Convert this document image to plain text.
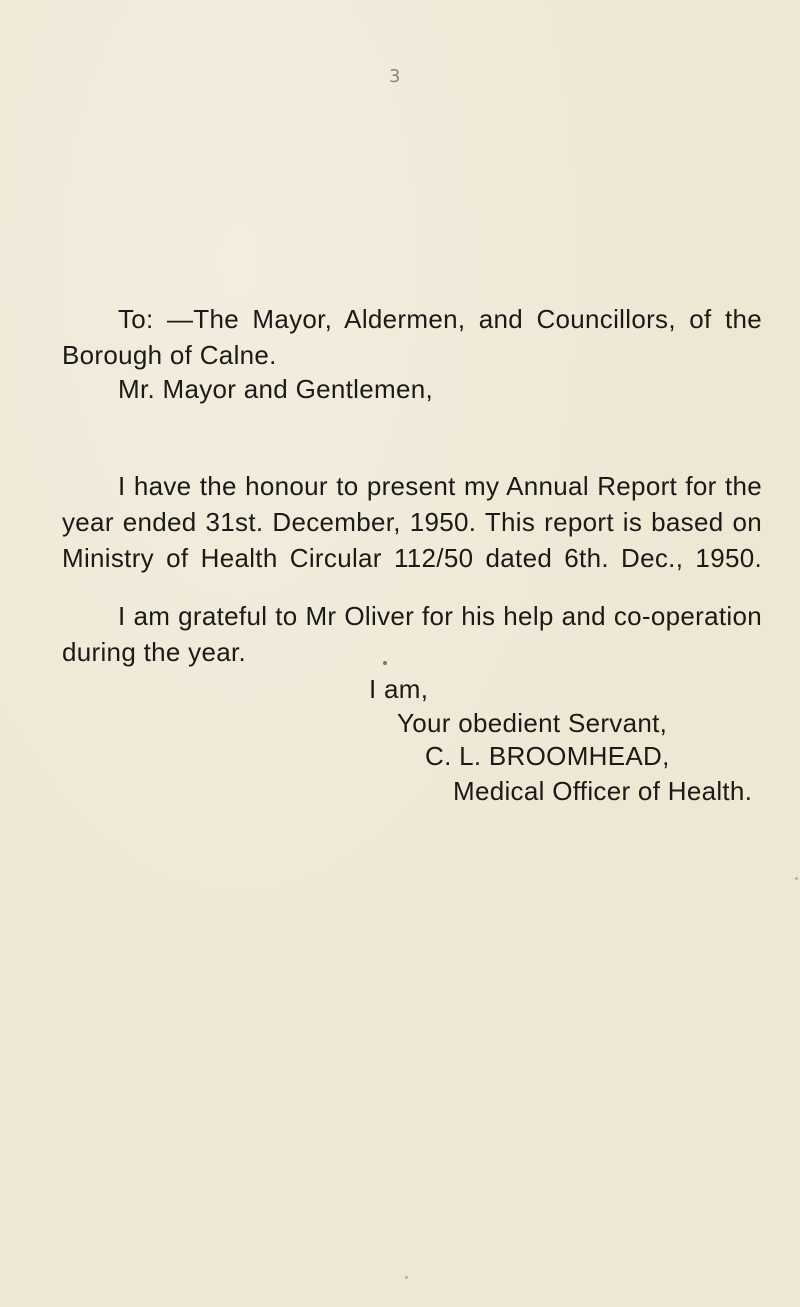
3
To: —The Mayor, Aldermen, and Councillors, of the
Borough of Calne.
Mr. Mayor and Gentlemen,
I have the honour to present my Annual Report for the
year ended 31st. December, 1950. This report is based on
Ministry of Health Circular 112/50 dated 6th. Dec., 1950.
I am grateful to Mr Oliver for his help and co-operation
during the year.
I am,
Your obedient Servant,
C. L. BROOMHEAD,
Medical Officer of Health.
